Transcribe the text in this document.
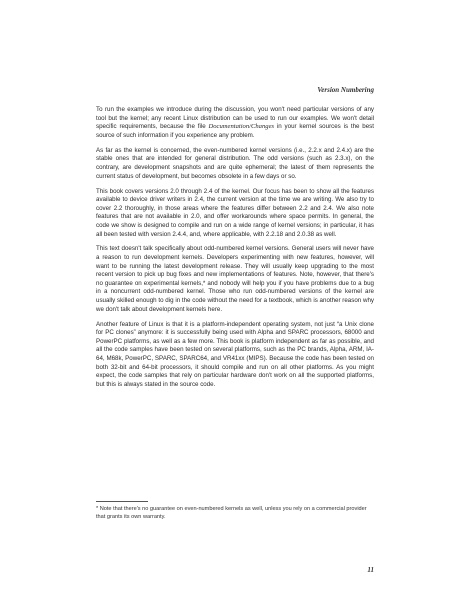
Version Numbering

To run the examples we introduce during the discussion, you won't need particular versions of any tool but the kernel; any recent Linux distribution can be used to run our examples. We won't detail specific requirements, because the file Documentation/Changes in your kernel sources is the best source of such information if you experience any problem.

As far as the kernel is concerned, the even-numbered kernel versions (i.e., 2.2.x and 2.4.x) are the stable ones that are intended for general distribution. The odd versions (such as 2.3.x), on the contrary, are development snapshots and are quite ephemeral; the latest of them represents the current status of development, but becomes obsolete in a few days or so.

This book covers versions 2.0 through 2.4 of the kernel. Our focus has been to show all the features available to device driver writers in 2.4, the current version at the time we are writing. We also try to cover 2.2 thoroughly, in those areas where the features differ between 2.2 and 2.4. We also note features that are not available in 2.0, and offer workarounds where space permits. In general, the code we show is designed to compile and run on a wide range of kernel versions; in particular, it has all been tested with version 2.4.4, and, where applicable, with 2.2.18 and 2.0.38 as well.

This text doesn't talk specifically about odd-numbered kernel versions. General users will never have a reason to run development kernels. Developers experimenting with new features, however, will want to be running the latest development release. They will usually keep upgrading to the most recent version to pick up bug fixes and new implementations of features. Note, however, that there's no guarantee on experimental kernels,* and nobody will help you if you have problems due to a bug in a noncurrent odd-numbered kernel. Those who run odd-numbered versions of the kernel are usually skilled enough to dig in the code without the need for a textbook, which is another reason why we don't talk about development kernels here.

Another feature of Linux is that it is a platform-independent operating system, not just “a Unix clone for PC clones” anymore: it is successfully being used with Alpha and SPARC processors, 68000 and PowerPC platforms, as well as a few more. This book is platform independent as far as possible, and all the code samples have been tested on several platforms, such as the PC brands, Alpha, ARM, IA-64, M68k, PowerPC, SPARC, SPARC64, and VR41xx (MIPS). Because the code has been tested on both 32-bit and 64-bit processors, it should compile and run on all other platforms. As you might expect, the code samples that rely on particular hardware don't work on all the supported platforms, but this is always stated in the source code.

* Note that there's no guarantee on even-numbered kernels as well, unless you rely on a commercial provider that grants its own warranty.
11
